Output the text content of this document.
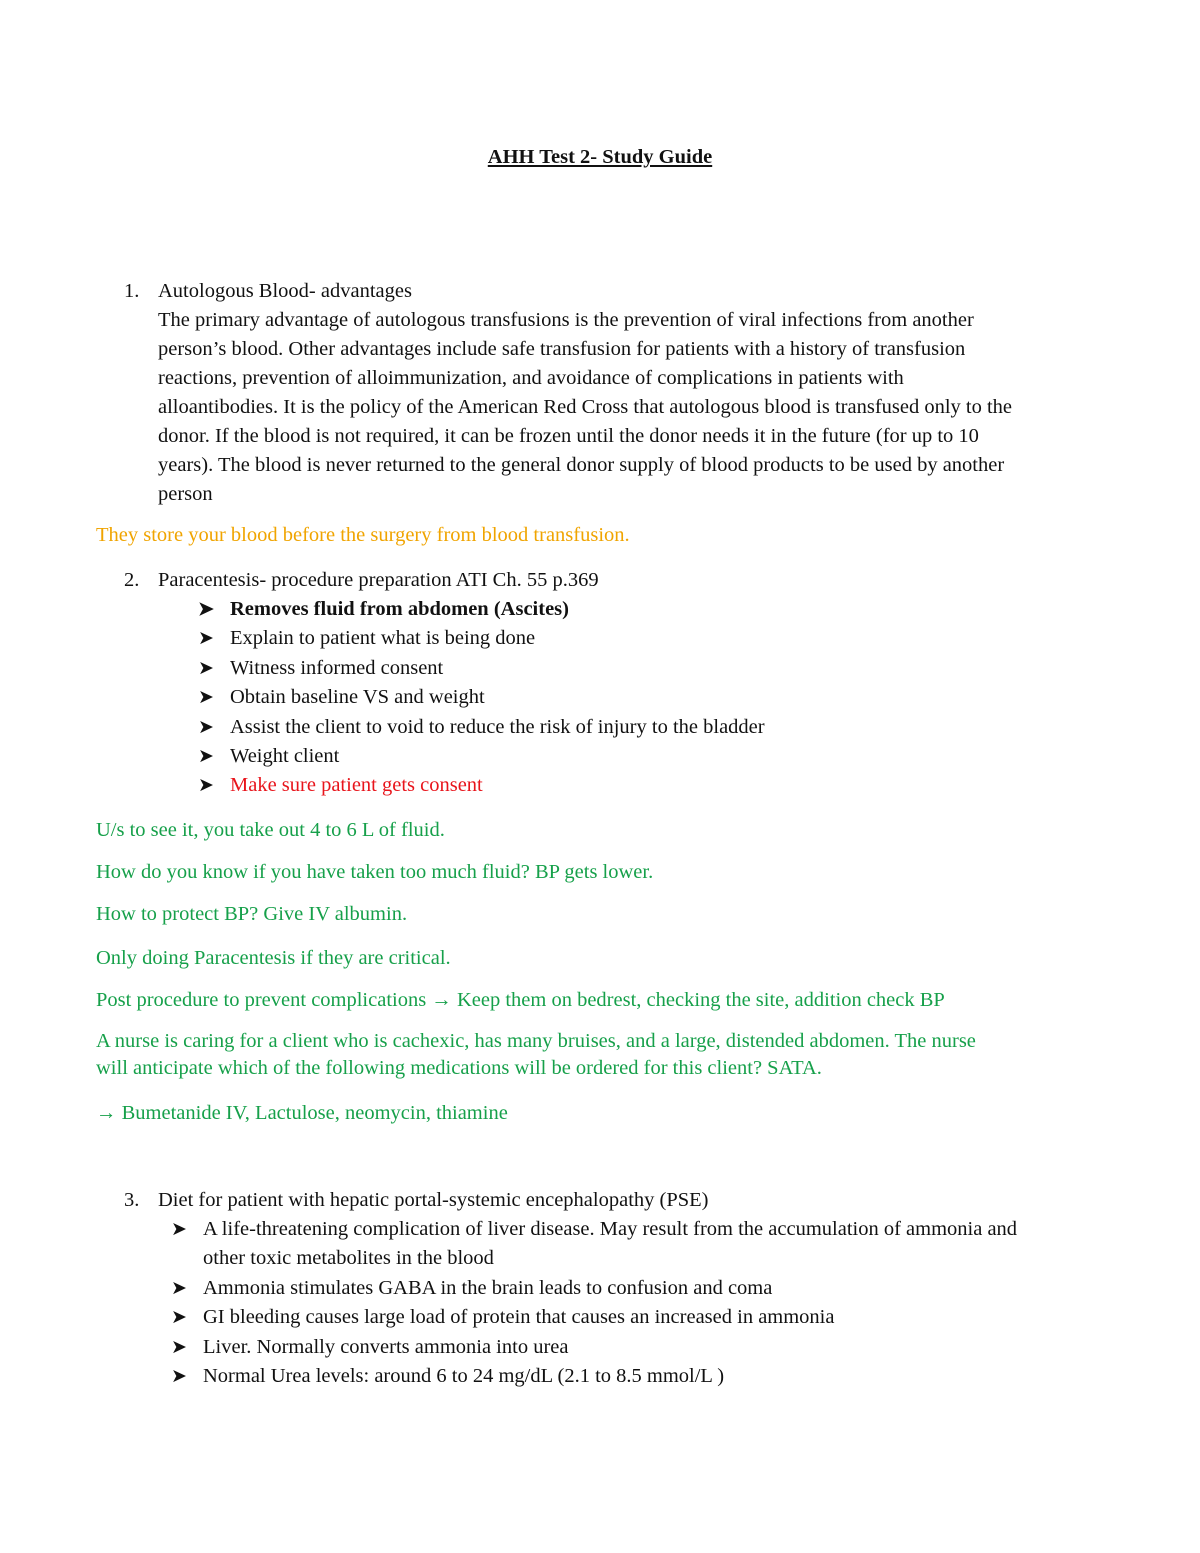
AHH Test 2- Study Guide
1. Autologous Blood- advantages
The primary advantage of autologous transfusions is the prevention of viral infections from another
person’s blood. Other advantages include safe transfusion for patients with a history of transfusion
reactions, prevention of alloimmunization, and avoidance of complications in patients with
alloantibodies. It is the policy of the American Red Cross that autologous blood is transfused only to the
donor. If the blood is not required, it can be frozen until the donor needs it in the future (for up to 10
years). The blood is never returned to the general donor supply of blood products to be used by another
person
They store your blood before the surgery from blood transfusion.
2. Paracentesis- procedure preparation ATI Ch. 55 p.369
➤ Removes fluid from abdomen (Ascites)
➤ Explain to patient what is being done
➤ Witness informed consent
➤ Obtain baseline VS and weight
➤ Assist the client to void to reduce the risk of injury to the bladder
➤ Weight client
➤ Make sure patient gets consent
U/s to see it, you take out 4 to 6 L of fluid.
How do you know if you have taken too much fluid? BP gets lower.
How to protect BP? Give IV albumin.
Only doing Paracentesis if they are critical.
Post procedure to prevent complications → Keep them on bedrest, checking the site, addition check BP
A nurse is caring for a client who is cachexic, has many bruises, and a large, distended abdomen. The nurse
will anticipate which of the following medications will be ordered for this client? SATA.
→ Bumetanide IV, Lactulose, neomycin, thiamine
3. Diet for patient with hepatic portal-systemic encephalopathy (PSE)
➤ A life-threatening complication of liver disease. May result from the accumulation of ammonia and
other toxic metabolites in the blood
➤ Ammonia stimulates GABA in the brain leads to confusion and coma
➤ GI bleeding causes large load of protein that causes an increased in ammonia
➤ Liver. Normally converts ammonia into urea
➤ Normal Urea levels: around 6 to 24 mg/dL (2.1 to 8.5 mmol/L )
